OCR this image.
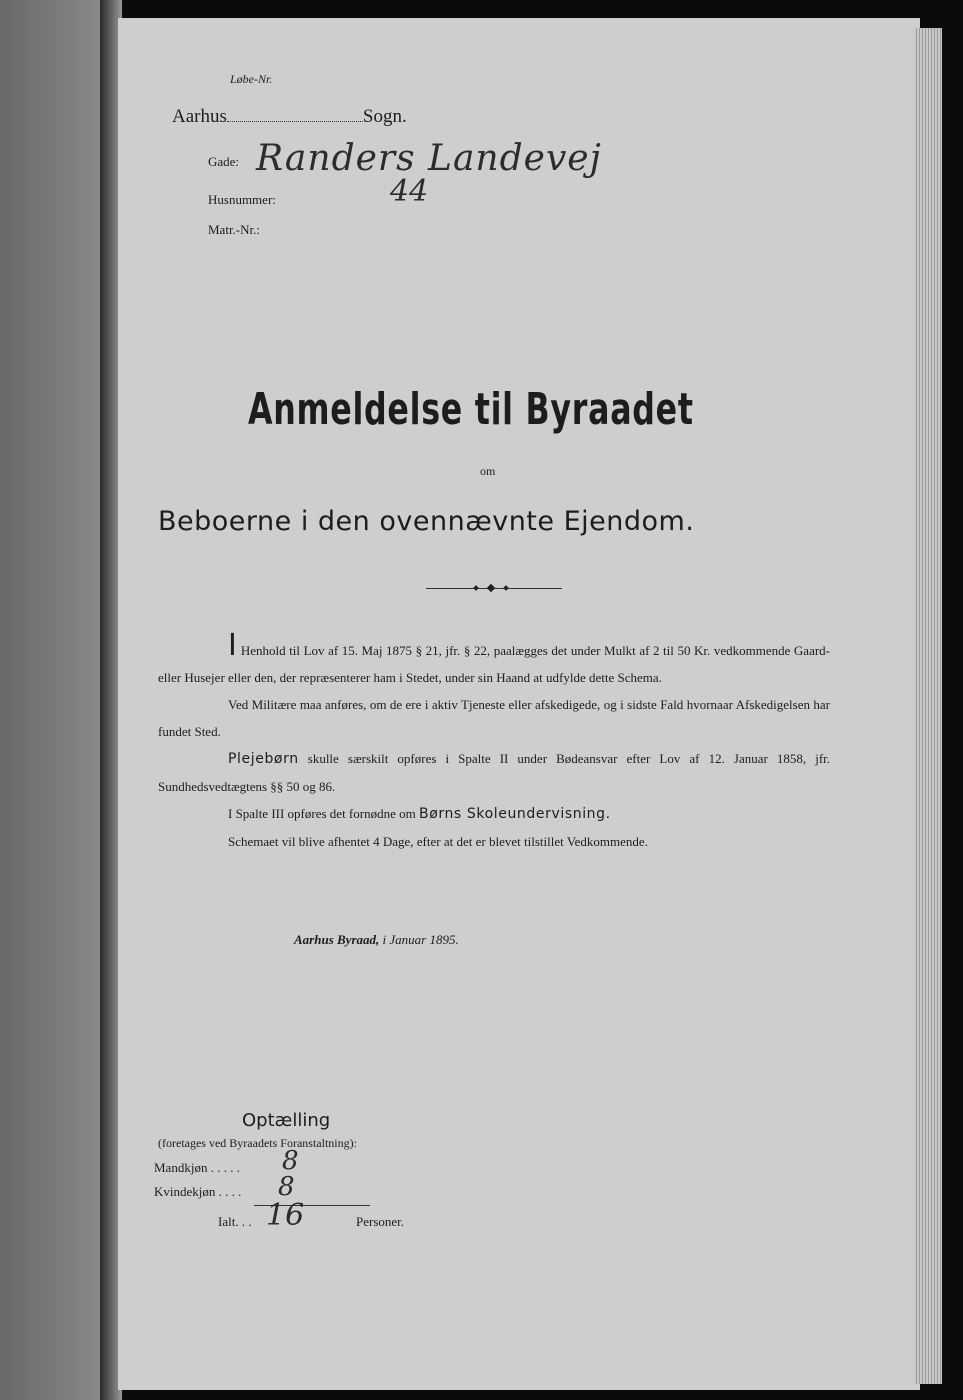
Løbe-Nr.
Aarhus	Sogn.
Gade: Randers Landevej
Husnummer:	44
Matr.-Nr.:
Anmeldelse til Byraadet
om
Beboerne i den ovennævnte Ejendom.

I Henhold til Lov af 15. Maj 1875 § 21, jfr. § 22, paalægges det under Mulkt af 2 til 50 Kr. vedkommende Gaard- eller Husejer eller den, der repræsenterer ham i Stedet, under sin Haand at udfylde dette Schema.

Ved Militære maa anføres, om de ere i aktiv Tjeneste eller afskedigede, og i sidste Fald hvornaar Afskedigelsen har fundet Sted.

Plejebørn skulle særskilt opføres i Spalte II under Bødeansvar efter Lov af 12. Januar 1858, jfr. Sundhedsvedtægtens §§ 50 og 86.

I Spalte III opføres det fornødne om Børns Skoleundervisning.

Schemaet vil blive afhentet 4 Dage, efter at det er blevet tilstillet Vedkommende.

Aarhus Byraad, i Januar 1895.
Optælling
(foretages ved Byraadets Foranstaltning):
Mandkjøn . . . . . 8
Kvindekjøn . . . . 8
Ialt. . . 16	Personer.
